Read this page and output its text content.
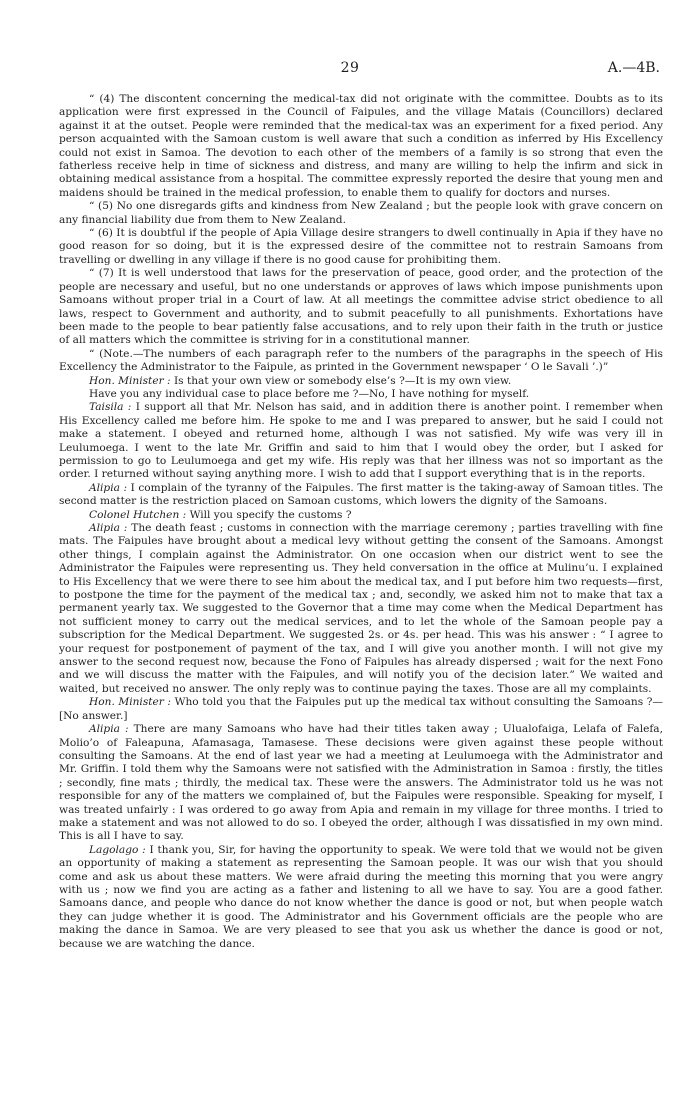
29	A.—4B.

“ (4) The discontent concerning the medical-tax did not originate with the committee. Doubts as to its application were first expressed in the Council of Faipules, and the village Matais (Councillors) declared against it at the outset. People were reminded that the medical-tax was an experiment for a fixed period. Any person acquainted with the Samoan custom is well aware that such a condition as inferred by His Excellency could not exist in Samoa. The devotion to each other of the members of a family is so strong that even the fatherless receive help in time of sickness and distress, and many are willing to help the infirm and sick in obtaining medical assistance from a hospital. The committee expressly reported the desire that young men and maidens should be trained in the medical profession, to enable them to qualify for doctors and nurses.

“ (5) No one disregards gifts and kindness from New Zealand ; but the people look with grave concern on any financial liability due from them to New Zealand.

“ (6) It is doubtful if the people of Apia Village desire strangers to dwell continually in Apia if they have no good reason for so doing, but it is the expressed desire of the committee not to restrain Samoans from travelling or dwelling in any village if there is no good cause for prohibiting them.

“ (7) It is well understood that laws for the preservation of peace, good order, and the protection of the people are necessary and useful, but no one understands or approves of laws which impose punishments upon Samoans without proper trial in a Court of law. At all meetings the committee advise strict obedience to all laws, respect to Government and authority, and to submit peacefully to all punishments. Exhortations have been made to the people to bear patiently false accusations, and to rely upon their faith in the truth or justice of all matters which the committee is striving for in a constitutional manner.

“ (Note.—The numbers of each paragraph refer to the numbers of the paragraphs in the speech of His Excellency the Administrator to the Faipule, as printed in the Government newspaper ‘ O le Savali ’.)”

Hon. Minister : Is that your own view or somebody else’s ?—It is my own view.

Have you any individual case to place before me ?—No, I have nothing for myself.

Taisila : I support all that Mr. Nelson has said, and in addition there is another point. I remember when His Excellency called me before him. He spoke to me and I was prepared to answer, but he said I could not make a statement. I obeyed and returned home, although I was not satisfied. My wife was very ill in Leulumoega. I went to the late Mr. Griffin and said to him that I would obey the order, but I asked for permission to go to Leulumoega and get my wife. His reply was that her illness was not so important as the order. I returned without saying anything more. I wish to add that I support everything that is in the reports.

Alipia : I complain of the tyranny of the Faipules. The first matter is the taking-away of Samoan titles. The second matter is the restriction placed on Samoan customs, which lowers the dignity of the Samoans.

Colonel Hutchen : Will you specify the customs ?

Alipia : The death feast ; customs in connection with the marriage ceremony ; parties travelling with fine mats. The Faipules have brought about a medical levy without getting the consent of the Samoans. Amongst other things, I complain against the Administrator. On one occasion when our district went to see the Administrator the Faipules were representing us. They held conversation in the office at Mulinu’u. I explained to His Excellency that we were there to see him about the medical tax, and I put before him two requests—first, to postpone the time for the payment of the medical tax ; and, secondly, we asked him not to make that tax a permanent yearly tax. We suggested to the Governor that a time may come when the Medical Department has not sufficient money to carry out the medical services, and to let the whole of the Samoan people pay a subscription for the Medical Department. We suggested 2s. or 4s. per head. This was his answer : “ I agree to your request for postponement of payment of the tax, and I will give you another month. I will not give my answer to the second request now, because the Fono of Faipules has already dispersed ; wait for the next Fono and we will discuss the matter with the Faipules, and will notify you of the decision later.” We waited and waited, but received no answer. The only reply was to continue paying the taxes. Those are all my complaints.

Hon. Minister : Who told you that the Faipules put up the medical tax without consulting the Samoans ?—[No answer.]

Alipia : There are many Samoans who have had their titles taken away ; Ulualofaiga, Lelafa of Falefa, Molio’o of Faleapuna, Afamasaga, Tamasese. These decisions were given against these people without consulting the Samoans. At the end of last year we had a meeting at Leulumoega with the Administrator and Mr. Griffin. I told them why the Samoans were not satisfied with the Administration in Samoa : firstly, the titles ; secondly, fine mats ; thirdly, the medical tax. These were the answers. The Administrator told us he was not responsible for any of the matters we complained of, but the Faipules were responsible. Speaking for myself, I was treated unfairly : I was ordered to go away from Apia and remain in my village for three months. I tried to make a statement and was not allowed to do so. I obeyed the order, although I was dissatisfied in my own mind. This is all I have to say.

Lagolago : I thank you, Sir, for having the opportunity to speak. We were told that we would not be given an opportunity of making a statement as representing the Samoan people. It was our wish that you should come and ask us about these matters. We were afraid during the meeting this morning that you were angry with us ; now we find you are acting as a father and listening to all we have to say. You are a good father. Samoans dance, and people who dance do not know whether the dance is good or not, but when people watch they can judge whether it is good. The Administrator and his Government officials are the people who are making the dance in Samoa. We are very pleased to see that you ask us whether the dance is good or not, because we are watching the dance.
